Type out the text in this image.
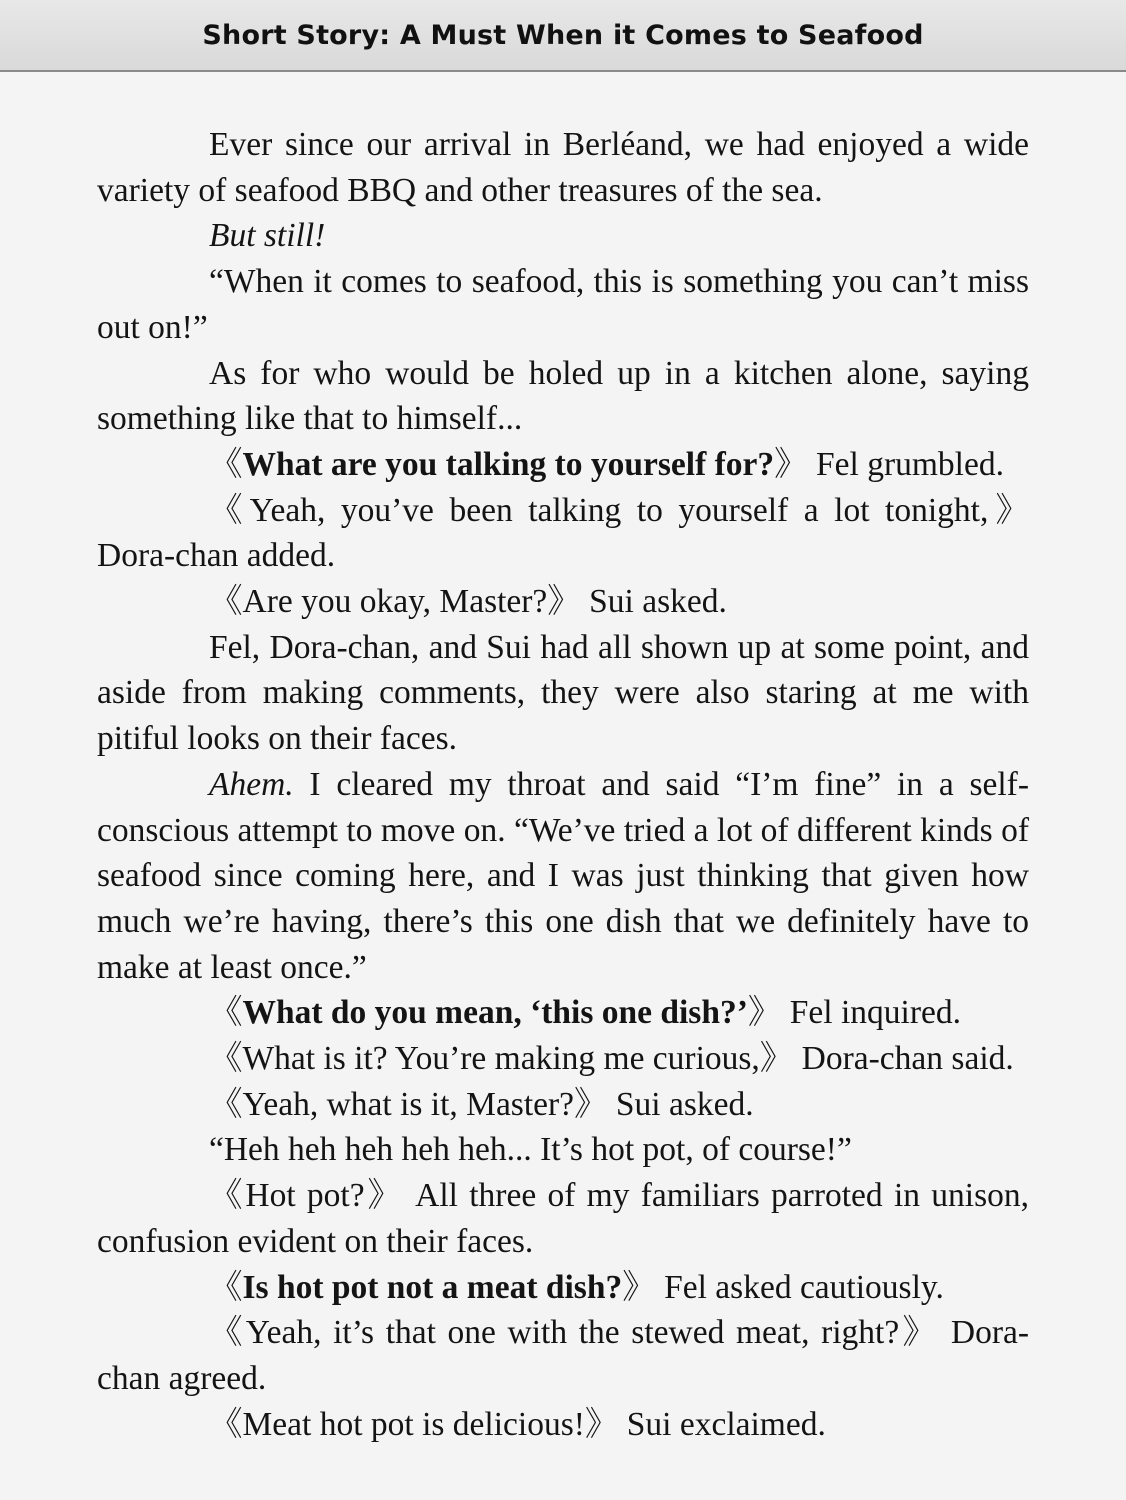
Short Story: A Must When it Comes to Seafood

Ever since our arrival in Berléand, we had enjoyed a wide variety of seafood BBQ and other treasures of the sea.

But still!

“When it comes to seafood, this is something you can’t miss out on!”

As for who would be holed up in a kitchen alone, saying something like that to himself...

《What are you talking to yourself for?》 Fel grumbled.

《Yeah, you’ve been talking to yourself a lot tonight,》 Dora-chan added.

《Are you okay, Master?》 Sui asked.

Fel, Dora-chan, and Sui had all shown up at some point, and aside from making comments, they were also staring at me with pitiful looks on their faces.

Ahem. I cleared my throat and said “I’m fine” in a self-conscious attempt to move on. “We’ve tried a lot of different kinds of seafood since coming here, and I was just thinking that given how much we’re having, there’s this one dish that we definitely have to make at least once.”

《What do you mean, ‘this one dish?’》 Fel inquired.

《What is it? You’re making me curious,》 Dora-chan said.

《Yeah, what is it, Master?》 Sui asked.

“Heh heh heh heh heh... It’s hot pot, of course!”

《Hot pot?》 All three of my familiars parroted in unison, confusion evident on their faces.

《Is hot pot not a meat dish?》 Fel asked cautiously.

《Yeah, it’s that one with the stewed meat, right?》 Dora-chan agreed.

《Meat hot pot is delicious!》 Sui exclaimed.
